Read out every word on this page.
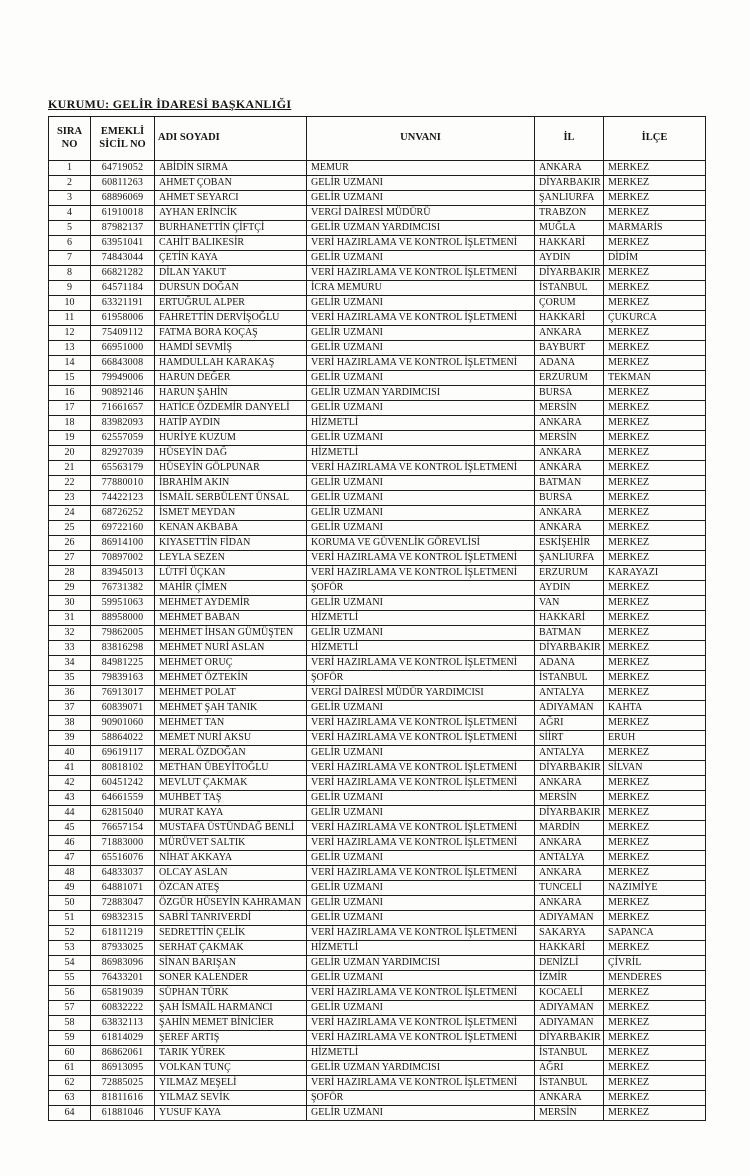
KURUMU: GELİR İDARESİ BAŞKANLIĞI
SIRA NO	EMEKLİ SİCİL NO	ADI SOYADI	UNVANI	İL	İLÇE
1	64719052	ABİDİN SIRMA	MEMUR	ANKARA	MERKEZ
2	60811263	AHMET ÇOBAN	GELİR UZMANI	DİYARBAKIR	MERKEZ
3	68896069	AHMET SEYARCI	GELİR UZMANI	ŞANLIURFA	MERKEZ
4	61910018	AYHAN ERİNCİK	VERGİ DAİRESİ MÜDÜRÜ	TRABZON	MERKEZ
5	87982137	BURHANETTİN ÇİFTÇİ	GELİR UZMAN YARDIMCISI	MUĞLA	MARMARİS
6	63951041	CAHİT BALIKESİR	VERİ HAZIRLAMA VE KONTROL İŞLETMENİ	HAKKARİ	MERKEZ
7	74843044	ÇETİN KAYA	GELİR UZMANI	AYDIN	DİDİM
8	66821282	DİLAN YAKUT	VERİ HAZIRLAMA VE KONTROL İŞLETMENİ	DİYARBAKIR	MERKEZ
9	64571184	DURSUN DOĞAN	İCRA MEMURU	İSTANBUL	MERKEZ
10	63321191	ERTUĞRUL ALPER	GELİR UZMANI	ÇORUM	MERKEZ
11	61958006	FAHRETTİN DERVİŞOĞLU	VERİ HAZIRLAMA VE KONTROL İŞLETMENİ	HAKKARİ	ÇUKURCA
12	75409112	FATMA BORA KOÇAŞ	GELİR UZMANI	ANKARA	MERKEZ
13	66951000	HAMDİ SEVMİŞ	GELİR UZMANI	BAYBURT	MERKEZ
14	66843008	HAMDULLAH KARAKAŞ	VERİ HAZIRLAMA VE KONTROL İŞLETMENİ	ADANA	MERKEZ
15	79949006	HARUN DEĞER	GELİR UZMANI	ERZURUM	TEKMAN
16	90892146	HARUN ŞAHİN	GELİR UZMAN YARDIMCISI	BURSA	MERKEZ
17	71661657	HATİCE ÖZDEMİR DANYELİ	GELİR UZMANI	MERSİN	MERKEZ
18	83982093	HATİP AYDIN	HİZMETLİ	ANKARA	MERKEZ
19	62557059	HURİYE KUZUM	GELİR UZMANI	MERSİN	MERKEZ
20	82927039	HÜSEYİN DAĞ	HİZMETLİ	ANKARA	MERKEZ
21	65563179	HÜSEYİN GÖLPUNAR	VERİ HAZIRLAMA VE KONTROL İŞLETMENİ	ANKARA	MERKEZ
22	77880010	İBRAHİM AKIN	GELİR UZMANI	BATMAN	MERKEZ
23	74422123	İSMAİL SERBÜLENT ÜNSAL	GELİR UZMANI	BURSA	MERKEZ
24	68726252	İSMET MEYDAN	GELİR UZMANI	ANKARA	MERKEZ
25	69722160	KENAN AKBABA	GELİR UZMANI	ANKARA	MERKEZ
26	86914100	KIYASETTİN FİDAN	KORUMA VE GÜVENLİK GÖREVLİSİ	ESKİŞEHİR	MERKEZ
27	70897002	LEYLA SEZEN	VERİ HAZIRLAMA VE KONTROL İŞLETMENİ	ŞANLIURFA	MERKEZ
28	83945013	LÜTFİ ÜÇKAN	VERİ HAZIRLAMA VE KONTROL İŞLETMENİ	ERZURUM	KARAYAZI
29	76731382	MAHİR ÇİMEN	ŞOFÖR	AYDIN	MERKEZ
30	59951063	MEHMET AYDEMİR	GELİR UZMANI	VAN	MERKEZ
31	88958000	MEHMET BABAN	HİZMETLİ	HAKKARİ	MERKEZ
32	79862005	MEHMET İHSAN GÜMÜŞTEN	GELİR UZMANI	BATMAN	MERKEZ
33	83816298	MEHMET NURİ ASLAN	HİZMETLİ	DİYARBAKIR	MERKEZ
34	84981225	MEHMET ORUÇ	VERİ HAZIRLAMA VE KONTROL İŞLETMENİ	ADANA	MERKEZ
35	79839163	MEHMET ÖZTEKİN	ŞOFÖR	İSTANBUL	MERKEZ
36	76913017	MEHMET POLAT	VERGİ DAİRESİ MÜDÜR YARDIMCISI	ANTALYA	MERKEZ
37	60839071	MEHMET ŞAH TANIK	GELİR UZMANI	ADIYAMAN	KAHTA
38	90901060	MEHMET TAN	VERİ HAZIRLAMA VE KONTROL İŞLETMENİ	AĞRI	MERKEZ
39	58864022	MEMET NURİ AKSU	VERİ HAZIRLAMA VE KONTROL İŞLETMENİ	SİİRT	ERUH
40	69619117	MERAL ÖZDOĞAN	GELİR UZMANI	ANTALYA	MERKEZ
41	80818102	METHAN ÜBEYİTOĞLU	VERİ HAZIRLAMA VE KONTROL İŞLETMENİ	DİYARBAKIR	SİLVAN
42	60451242	MEVLUT ÇAKMAK	VERİ HAZIRLAMA VE KONTROL İŞLETMENİ	ANKARA	MERKEZ
43	64661559	MUHBET TAŞ	GELİR UZMANI	MERSİN	MERKEZ
44	62815040	MURAT KAYA	GELİR UZMANI	DİYARBAKIR	MERKEZ
45	76657154	MUSTAFA ÜSTÜNDAĞ BENLİ	VERİ HAZIRLAMA VE KONTROL İŞLETMENİ	MARDİN	MERKEZ
46	71883000	MÜRÜVET SALTIK	VERİ HAZIRLAMA VE KONTROL İŞLETMENİ	ANKARA	MERKEZ
47	65516076	NİHAT AKKAYA	GELİR UZMANI	ANTALYA	MERKEZ
48	64833037	OLCAY ASLAN	VERİ HAZIRLAMA VE KONTROL İŞLETMENİ	ANKARA	MERKEZ
49	64881071	ÖZCAN ATEŞ	GELİR UZMANI	TUNCELİ	NAZIMİYE
50	72883047	ÖZGÜR HÜSEYİN KAHRAMAN	GELİR UZMANI	ANKARA	MERKEZ
51	69832315	SABRİ TANRIVERDİ	GELİR UZMANI	ADIYAMAN	MERKEZ
52	61811219	SEDRETTİN ÇELİK	VERİ HAZIRLAMA VE KONTROL İŞLETMENİ	SAKARYA	SAPANCA
53	87933025	SERHAT ÇAKMAK	HİZMETLİ	HAKKARİ	MERKEZ
54	86983096	SİNAN BARIŞAN	GELİR UZMAN YARDIMCISI	DENİZLİ	ÇİVRİL
55	76433201	SONER KALENDER	GELİR UZMANI	İZMİR	MENDERES
56	65819039	SÜPHAN TÜRK	VERİ HAZIRLAMA VE KONTROL İŞLETMENİ	KOCAELİ	MERKEZ
57	60832222	ŞAH İSMAİL HARMANCI	GELİR UZMANI	ADIYAMAN	MERKEZ
58	63832113	ŞAHİN MEMET BİNİCİER	VERİ HAZIRLAMA VE KONTROL İŞLETMENİ	ADIYAMAN	MERKEZ
59	61814029	ŞEREF ARTIŞ	VERİ HAZIRLAMA VE KONTROL İŞLETMENİ	DİYARBAKIR	MERKEZ
60	86862061	TARIK YÜREK	HİZMETLİ	İSTANBUL	MERKEZ
61	86913095	VOLKAN TUNÇ	GELİR UZMAN YARDIMCISI	AĞRI	MERKEZ
62	72885025	YILMAZ MEŞELİ	VERİ HAZIRLAMA VE KONTROL İŞLETMENİ	İSTANBUL	MERKEZ
63	81811616	YILMAZ SEVİK	ŞOFÖR	ANKARA	MERKEZ
64	61881046	YUSUF KAYA	GELİR UZMANI	MERSİN	MERKEZ
